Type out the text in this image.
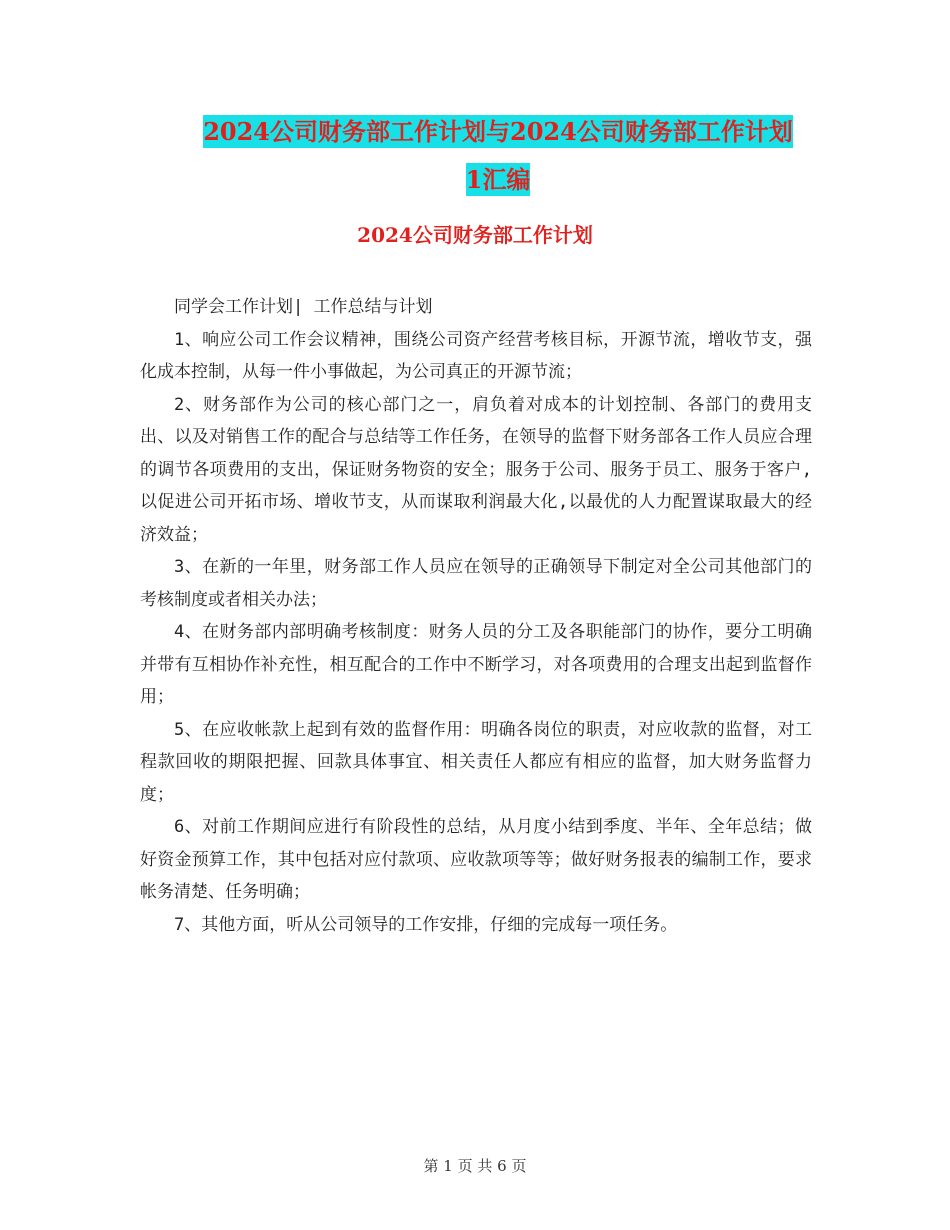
2024公司财务部工作计划与2024公司财务部工作计划
1汇编
2024公司财务部工作计划

同学会工作计划| 工作总结与计划

1、响应公司工作会议精神，围绕公司资产经营考核目标，开源节流，增收节支，强化成本控制，从每一件小事做起，为公司真正的开源节流；

2、财务部作为公司的核心部门之一，肩负着对成本的计划控制、各部门的费用支出、以及对销售工作的配合与总结等工作任务，在领导的监督下财务部各工作人员应合理的调节各项费用的支出，保证财务物资的安全；服务于公司、服务于员工、服务于客户,以促进公司开拓市场、增收节支，从而谋取利润最大化,以最优的人力配置谋取最大的经济效益；

3、在新的一年里，财务部工作人员应在领导的正确领导下制定对全公司其他部门的考核制度或者相关办法；

4、在财务部内部明确考核制度：财务人员的分工及各职能部门的协作，要分工明确并带有互相协作补充性，相互配合的工作中不断学习，对各项费用的合理支出起到监督作用；

5、在应收帐款上起到有效的监督作用：明确各岗位的职责，对应收款的监督，对工程款回收的期限把握、回款具体事宜、相关责任人都应有相应的监督，加大财务监督力度；

6、对前工作期间应进行有阶段性的总结，从月度小结到季度、半年、全年总结；做好资金预算工作，其中包括对应付款项、应收款项等等；做好财务报表的编制工作，要求帐务清楚、任务明确；

7、其他方面，听从公司领导的工作安排，仔细的完成每一项任务。

第 1 页 共 6 页
